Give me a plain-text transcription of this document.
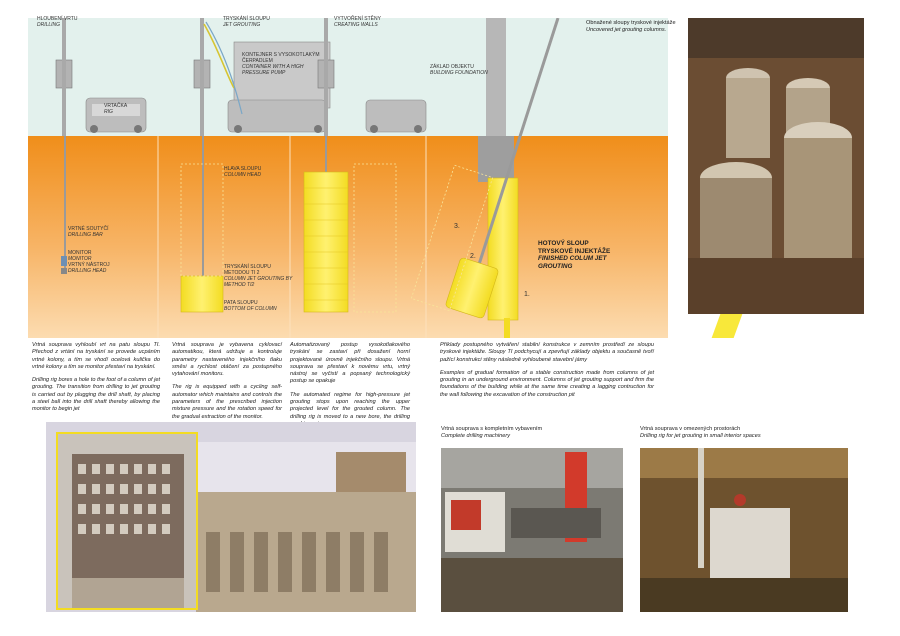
HLOUBENÍ VRTU
DRILLING
VRTAČKA
RIG
VRTNÉ SOUTYČÍ
DRILLING BAR
MONITOR
MONITOR
VRTNÝ NÁSTROJ
DRILLING HEAD
TRYSKÁNÍ SLOUPU
JET GROUTING
KONTEJNER S VYSOKOTLAKÝM ČERPADLEM
CONTAINER WITH A HIGH PRESSURE PUMP
HLAVA SLOUPU
COLUMN HEAD
TRYSKÁNÍ SLOUPU METODOU TI 2
COLUMN JET GROUTING BY METHOD TI2
PATA SLOUPU
BOTTOM OF COLUMN
VYTVOŘENÍ STĚNY
CREATING WALLS
ZÁKLAD OBJEKTU
BUILDING FOUNDATION
HOTOVÝ SLOUP TRYSKOVÉ INJEKTÁŽE
FINISHED COLUM JET GROUTING
1.
2.
3.
Obnažené sloupy tryskové injektáže
Uncovered jet grouting columns.
Vrtná souprava vyhloubí vrt na patu sloupu TI. Přechod z vrtání na tryskání se provede ucpáním vrtné kolony, a tím se vhodí ocelová kulička do vrtné kolony a tím se monitor přestaví na tryskání.
Drilling rig bores a hole to the foot of a column of jet grouting. The transition from drilling to jet grouting is carried out by plugging the drill shaft, by placing a steel ball into the drill shaft thereby allowing the monitor to begin jet
Vrtná souprava je vybavena cyklovací automatikou, která udržuje a kontroluje parametry nastaveného injekčního tlaku směsi a rychlost otáčení za postupného vytahování monitoru.
The rig is equipped with a cycling self-automator which maintains and controls the parameters of the prescribed injection mixture pressure and the rotation speed for the gradual extraction of the monitor.
Automatizovaný postup vysokotlakového tryskání se zastaví při dosažení horní projektované úrovně injekčního sloupu. Vrtná souprava se přestaví k novému vrtu, vrtný nástroj se vyčistí a popsaný technologický postup se opakuje
The automated regime for high-pressure jet grouting stops upon reaching the upper projected level for the grouted column. The drilling rig is moved to a new bore, the drilling
Příklady postupného vytváření stabilní konstrukce v zemním prostředí ze sloupu tryskové injektáže. Sloupy TI podchycují a zpevňují základy objektu a současně tvoří pažící konstrukci stěny následně vyhloubené stavební jámy
Examples of gradual formation of a stable construction made from columns of jet grouting in an underground environment. Columns of jet grouting support and firm the foundations of the building while at the same time creating a lagging contruction for the wall following the excavation of the construction pit
Vrtná souprava s kompletním vybavením
Complete drilling machinery
Vrtná souprava v omezených prostorách
Drilling rig for jet grouting in small interior spaces
